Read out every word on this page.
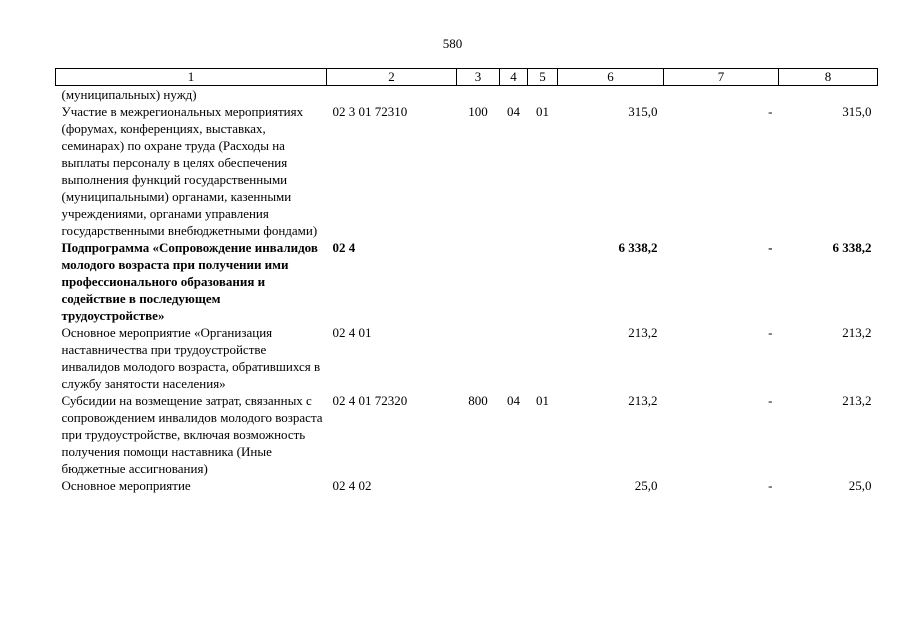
580
1	2	3	4	5	6	7	8
(муниципальных) нужд)							
Участие в межрегиональных мероприятиях (форумах, конференциях, выставках, семинарах) по охране труда (Расходы на выплаты персоналу в целях обеспечения выполнения функций государственными (муниципальными) органами, казенными учреждениями, органами управления государственными внебюджетными фондами)	02 3 01 72310	100	04	01	315,0	-	315,0
Подпрограмма «Сопровождение инвалидов молодого возраста при получении ими профессионального образования и содействие в последующем трудоустройстве»	02 4				6 338,2	-	6 338,2
Основное мероприятие «Организация наставничества при трудоустройстве инвалидов молодого возраста, обратившихся в службу занятости населения»	02 4 01				213,2	-	213,2
Субсидии на возмещение затрат, связанных с сопровождением инвалидов молодого возраста при трудоустройстве, включая возможность получения помощи наставника (Иные бюджетные ассигнования)	02 4 01 72320	800	04	01	213,2	-	213,2
Основное мероприятие	02 4 02				25,0	-	25,0
